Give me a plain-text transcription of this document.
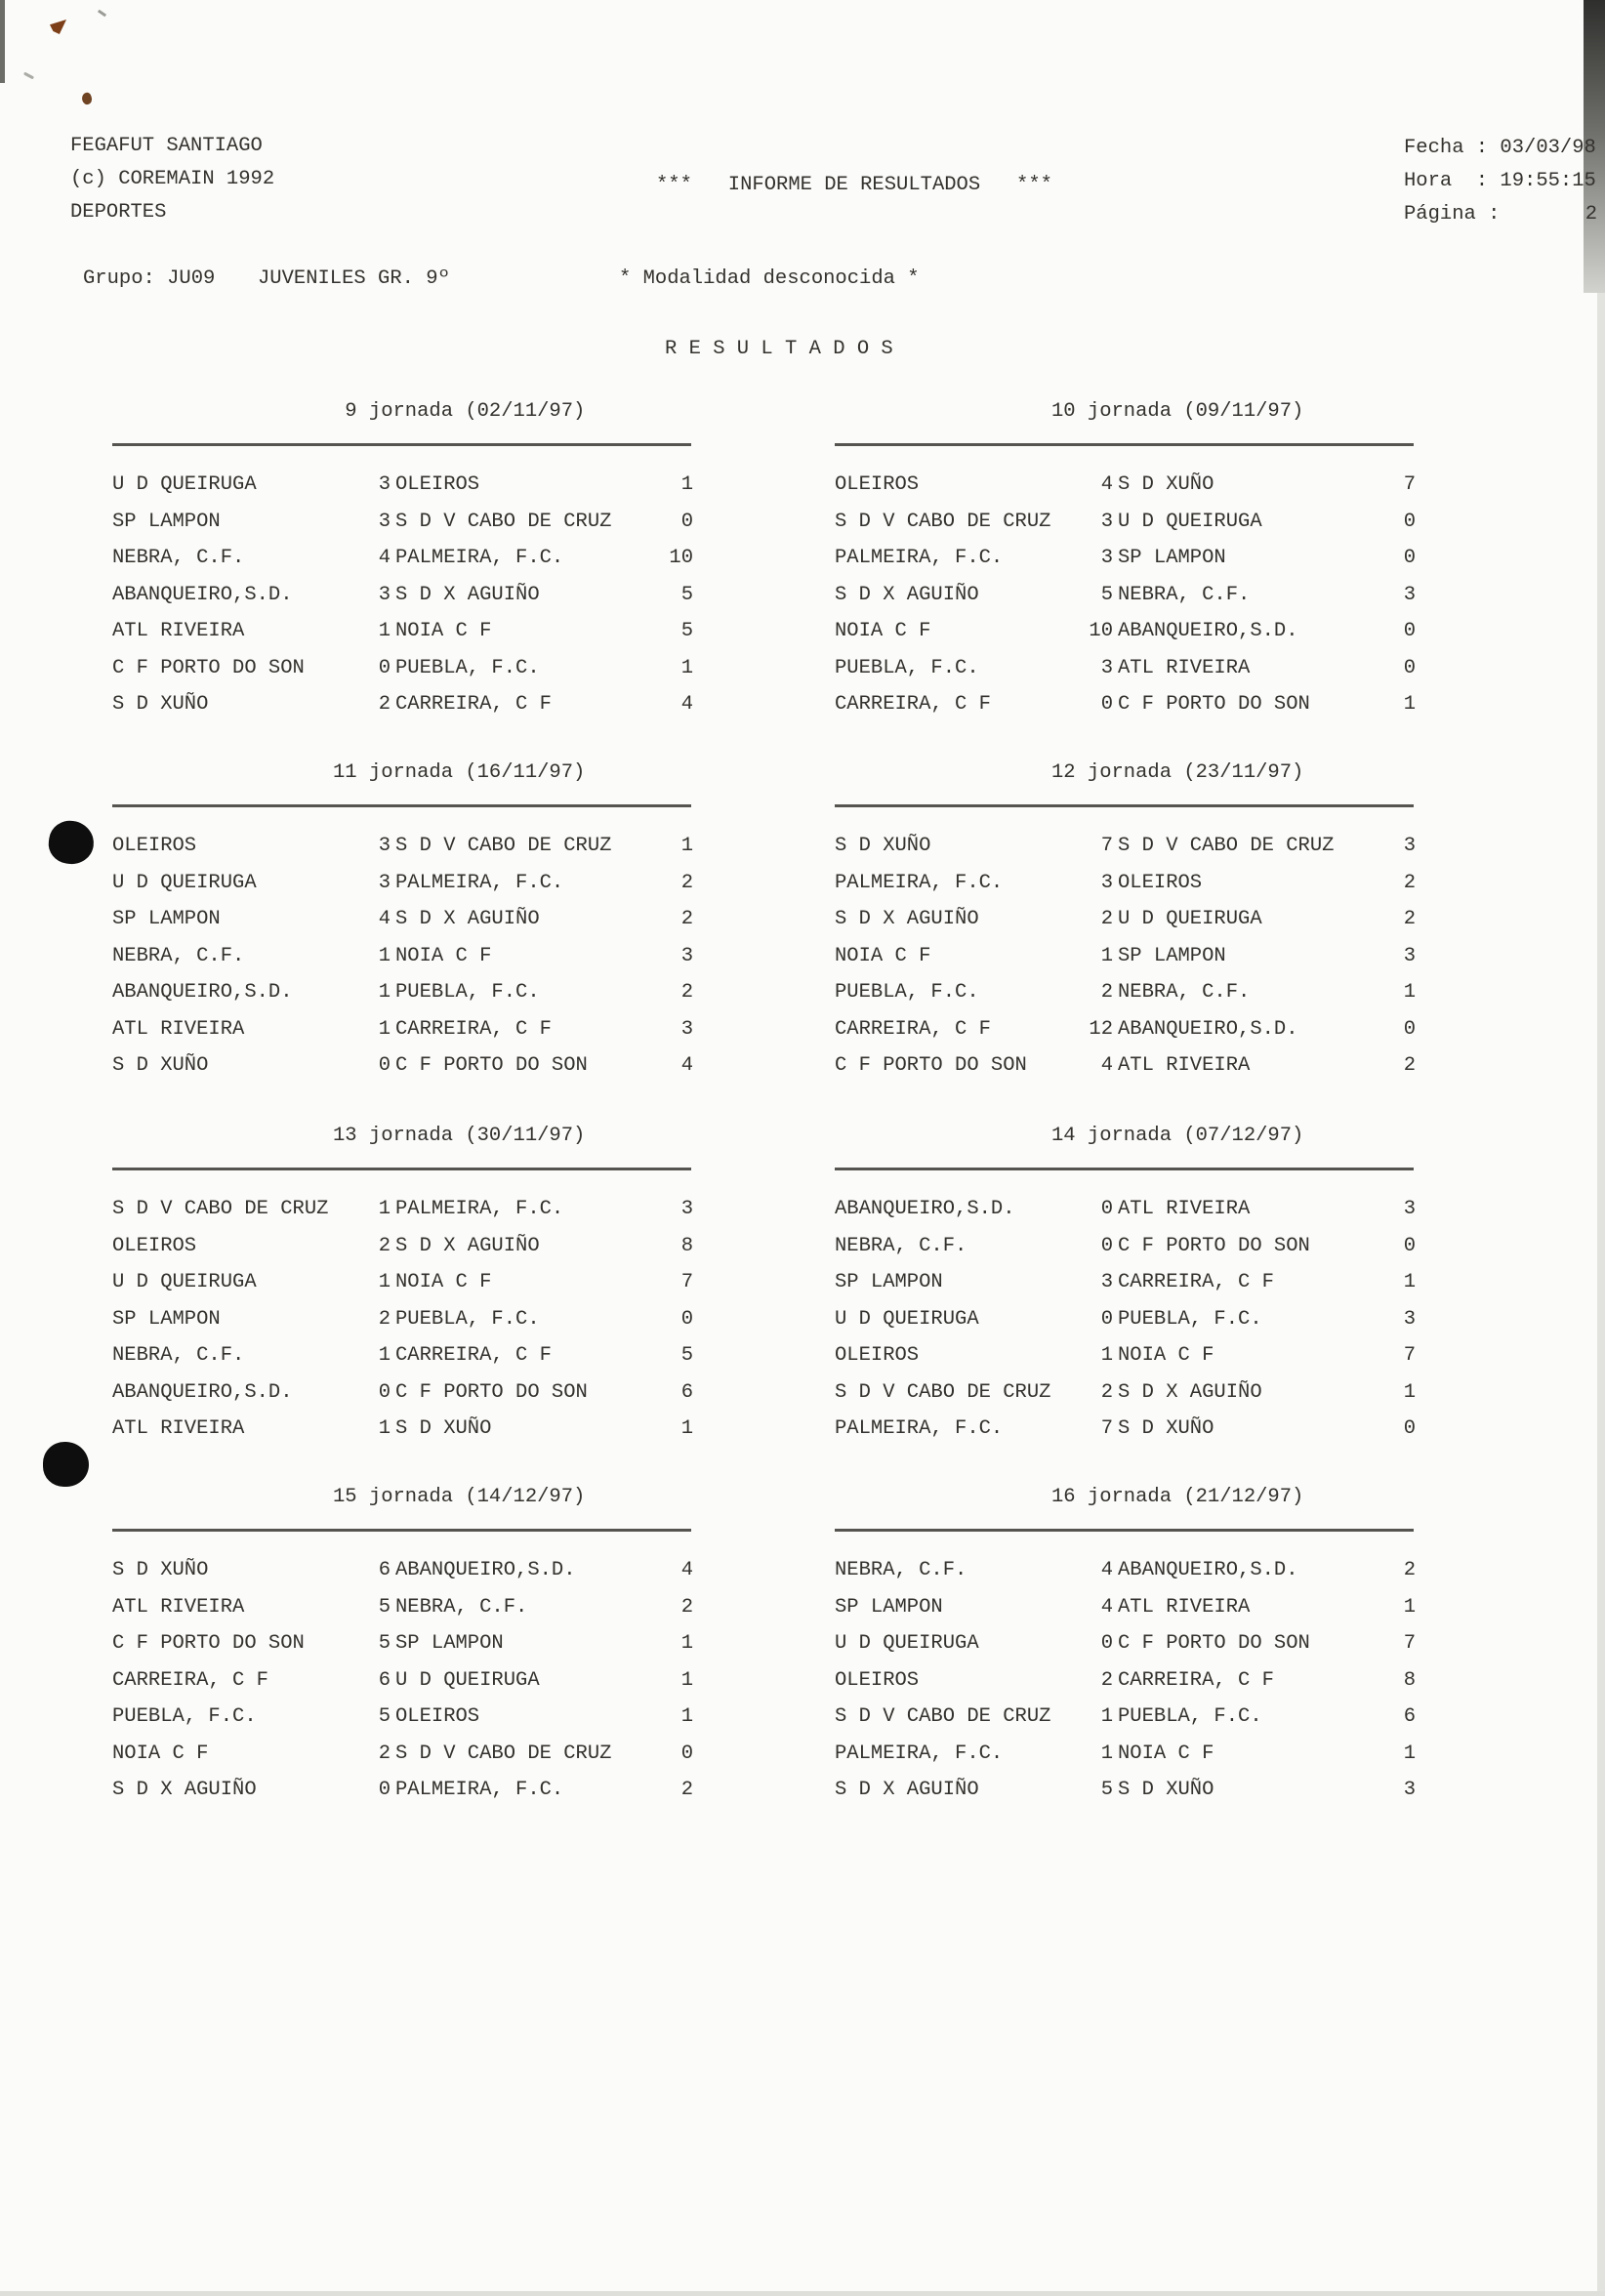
FEGAFUT SANTIAGO
(c) COREMAIN 1992
DEPORTES
***   INFORME DE RESULTADOS   ***
Fecha : 03/03/98
Hora  : 19:55:15
Página :	2
Grupo: JU09 JUVENILES GR. 9º	* Modalidad desconocida *
R E S U L T A D O S
9 jornada (02/11/97)
U D QUEIRUGA	3 OLEIROS	1
SP LAMPON	3 S D V CABO DE CRUZ	0
NEBRA, C.F.	4 PALMEIRA, F.C.	10
ABANQUEIRO,S.D.	3 S D X AGUIÑO	5
ATL RIVEIRA	1 NOIA C F	5
C F PORTO DO SON	0 PUEBLA, F.C.	1
S D XUÑO	2 CARREIRA, C F	4
10 jornada (09/11/97)
OLEIROS	4 S D XUÑO	7
S D V CABO DE CRUZ	3 U D QUEIRUGA	0
PALMEIRA, F.C.	3 SP LAMPON	0
S D X AGUIÑO	5 NEBRA, C.F.	3
NOIA C F	10 ABANQUEIRO,S.D.	0
PUEBLA, F.C.	3 ATL RIVEIRA	0
CARREIRA, C F	0 C F PORTO DO SON	1
11 jornada (16/11/97)
OLEIROS	3 S D V CABO DE CRUZ	1
U D QUEIRUGA	3 PALMEIRA, F.C.	2
SP LAMPON	4 S D X AGUIÑO	2
NEBRA, C.F.	1 NOIA C F	3
ABANQUEIRO,S.D.	1 PUEBLA, F.C.	2
ATL RIVEIRA	1 CARREIRA, C F	3
S D XUÑO	0 C F PORTO DO SON	4
12 jornada (23/11/97)
S D XUÑO	7 S D V CABO DE CRUZ	3
PALMEIRA, F.C.	3 OLEIROS	2
S D X AGUIÑO	2 U D QUEIRUGA	2
NOIA C F	1 SP LAMPON	3
PUEBLA, F.C.	2 NEBRA, C.F.	1
CARREIRA, C F	12 ABANQUEIRO,S.D.	0
C F PORTO DO SON	4 ATL RIVEIRA	2
13 jornada (30/11/97)
S D V CABO DE CRUZ	1 PALMEIRA, F.C.	3
OLEIROS	2 S D X AGUIÑO	8
U D QUEIRUGA	1 NOIA C F	7
SP LAMPON	2 PUEBLA, F.C.	0
NEBRA, C.F.	1 CARREIRA, C F	5
ABANQUEIRO,S.D.	0 C F PORTO DO SON	6
ATL RIVEIRA	1 S D XUÑO	1
14 jornada (07/12/97)
ABANQUEIRO,S.D.	0 ATL RIVEIRA	3
NEBRA, C.F.	0 C F PORTO DO SON	0
SP LAMPON	3 CARREIRA, C F	1
U D QUEIRUGA	0 PUEBLA, F.C.	3
OLEIROS	1 NOIA C F	7
S D V CABO DE CRUZ	2 S D X AGUIÑO	1
PALMEIRA, F.C.	7 S D XUÑO	0
15 jornada (14/12/97)
S D XUÑO	6 ABANQUEIRO,S.D.	4
ATL RIVEIRA	5 NEBRA, C.F.	2
C F PORTO DO SON	5 SP LAMPON	1
CARREIRA, C F	6 U D QUEIRUGA	1
PUEBLA, F.C.	5 OLEIROS	1
NOIA C F	2 S D V CABO DE CRUZ	0
S D X AGUIÑO	0 PALMEIRA, F.C.	2
16 jornada (21/12/97)
NEBRA, C.F.	4 ABANQUEIRO,S.D.	2
SP LAMPON	4 ATL RIVEIRA	1
U D QUEIRUGA	0 C F PORTO DO SON	7
OLEIROS	2 CARREIRA, C F	8
S D V CABO DE CRUZ	1 PUEBLA, F.C.	6
PALMEIRA, F.C.	1 NOIA C F	1
S D X AGUIÑO	5 S D XUÑO	3
